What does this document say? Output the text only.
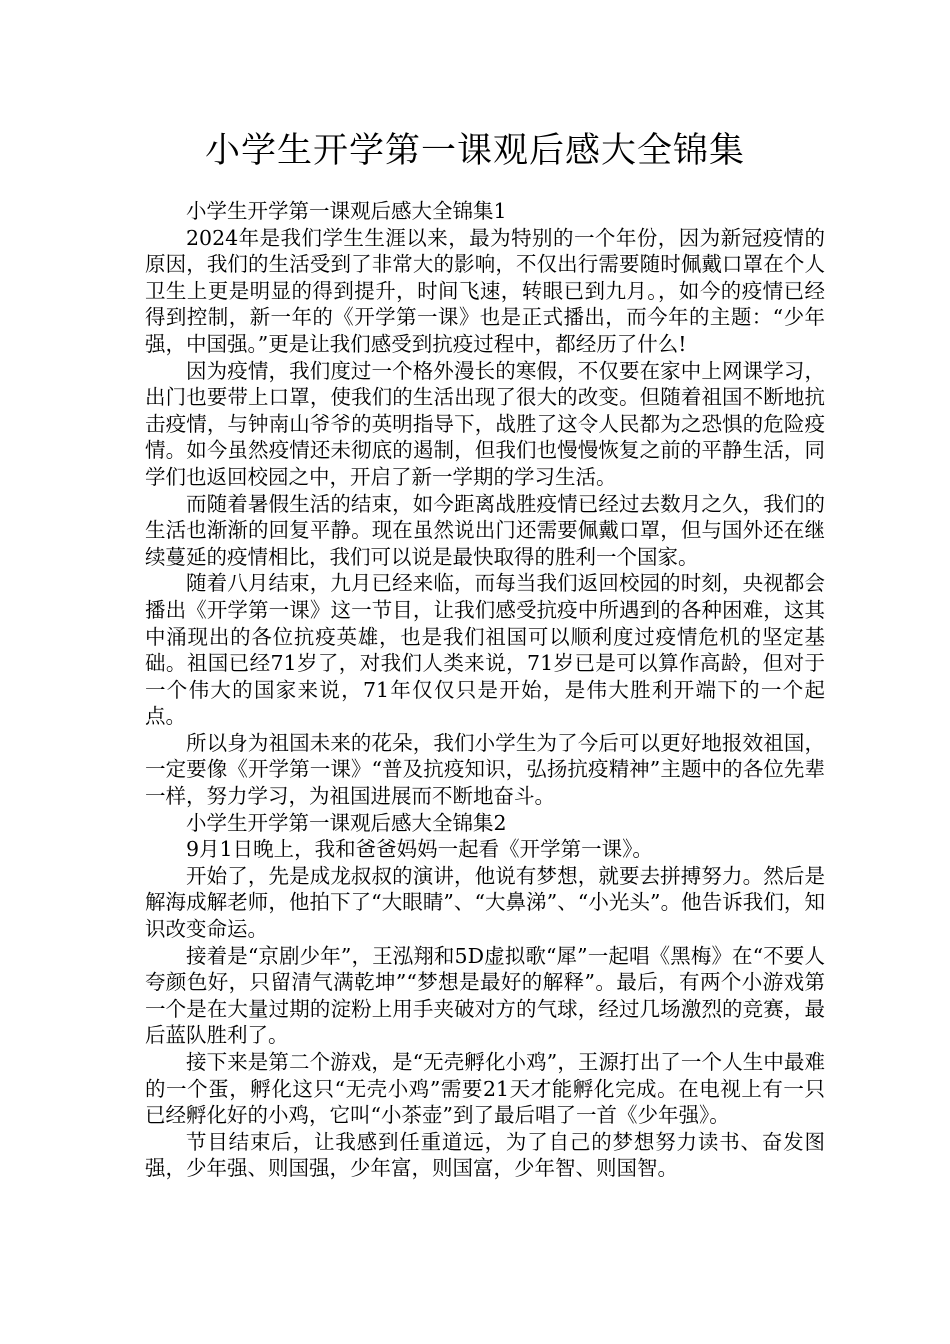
小学生开学第一课观后感大全锦集

小学生开学第一课观后感大全锦集1

2024年是我们学生生涯以来，最为特别的一个年份，因为新冠疫情的原因，我们的生活受到了非常大的影响，不仅出行需要随时佩戴口罩在个人卫生上更是明显的得到提升，时间飞速，转眼已到九月。，如今的疫情已经得到控制，新一年的《开学第一课》也是正式播出，而今年的主题：“少年强，中国强。”更是让我们感受到抗疫过程中，都经历了什么!

因为疫情，我们度过一个格外漫长的寒假，不仅要在家中上网课学习，出门也要带上口罩，使我们的生活出现了很大的改变。但随着祖国不断地抗击疫情，与钟南山爷爷的英明指导下，战胜了这令人民都为之恐惧的危险疫情。如今虽然疫情还未彻底的遏制，但我们也慢慢恢复之前的平静生活，同学们也返回校园之中，开启了新一学期的学习生活。

而随着暑假生活的结束，如今距离战胜疫情已经过去数月之久，我们的生活也渐渐的回复平静。现在虽然说出门还需要佩戴口罩，但与国外还在继续蔓延的疫情相比，我们可以说是最快取得的胜利一个国家。

随着八月结束，九月已经来临，而每当我们返回校园的时刻，央视都会播出《开学第一课》这一节目，让我们感受抗疫中所遇到的各种困难，这其中涌现出的各位抗疫英雄，也是我们祖国可以顺利度过疫情危机的坚定基础。祖国已经71岁了，对我们人类来说，71岁已是可以算作高龄，但对于一个伟大的国家来说，71年仅仅只是开始，是伟大胜利开端下的一个起点。

所以身为祖国未来的花朵，我们小学生为了今后可以更好地报效祖国，一定要像《开学第一课》“普及抗疫知识，弘扬抗疫精神”主题中的各位先辈一样，努力学习，为祖国进展而不断地奋斗。

小学生开学第一课观后感大全锦集2

9月1日晚上，我和爸爸妈妈一起看《开学第一课》。

开始了，先是成龙叔叔的演讲，他说有梦想，就要去拼搏努力。然后是解海成解老师，他拍下了“大眼睛”、“大鼻涕”、“小光头”。他告诉我们，知识改变命运。

接着是“京剧少年”，王泓翔和5D虚拟歌“犀”一起唱《黑梅》在“不要人夸颜色好，只留清气满乾坤”“梦想是最好的解释”。最后，有两个小游戏第一个是在大量过期的淀粉上用手夹破对方的气球，经过几场激烈的竞赛，最后蓝队胜利了。

接下来是第二个游戏，是“无壳孵化小鸡”，王源打出了一个人生中最难的一个蛋，孵化这只“无壳小鸡”需要21天才能孵化完成。在电视上有一只已经孵化好的小鸡，它叫“小茶壶”到了最后唱了一首《少年强》。

节目结束后，让我感到任重道远，为了自己的梦想努力读书、奋发图强，少年强、则国强，少年富，则国富，少年智、则国智。
